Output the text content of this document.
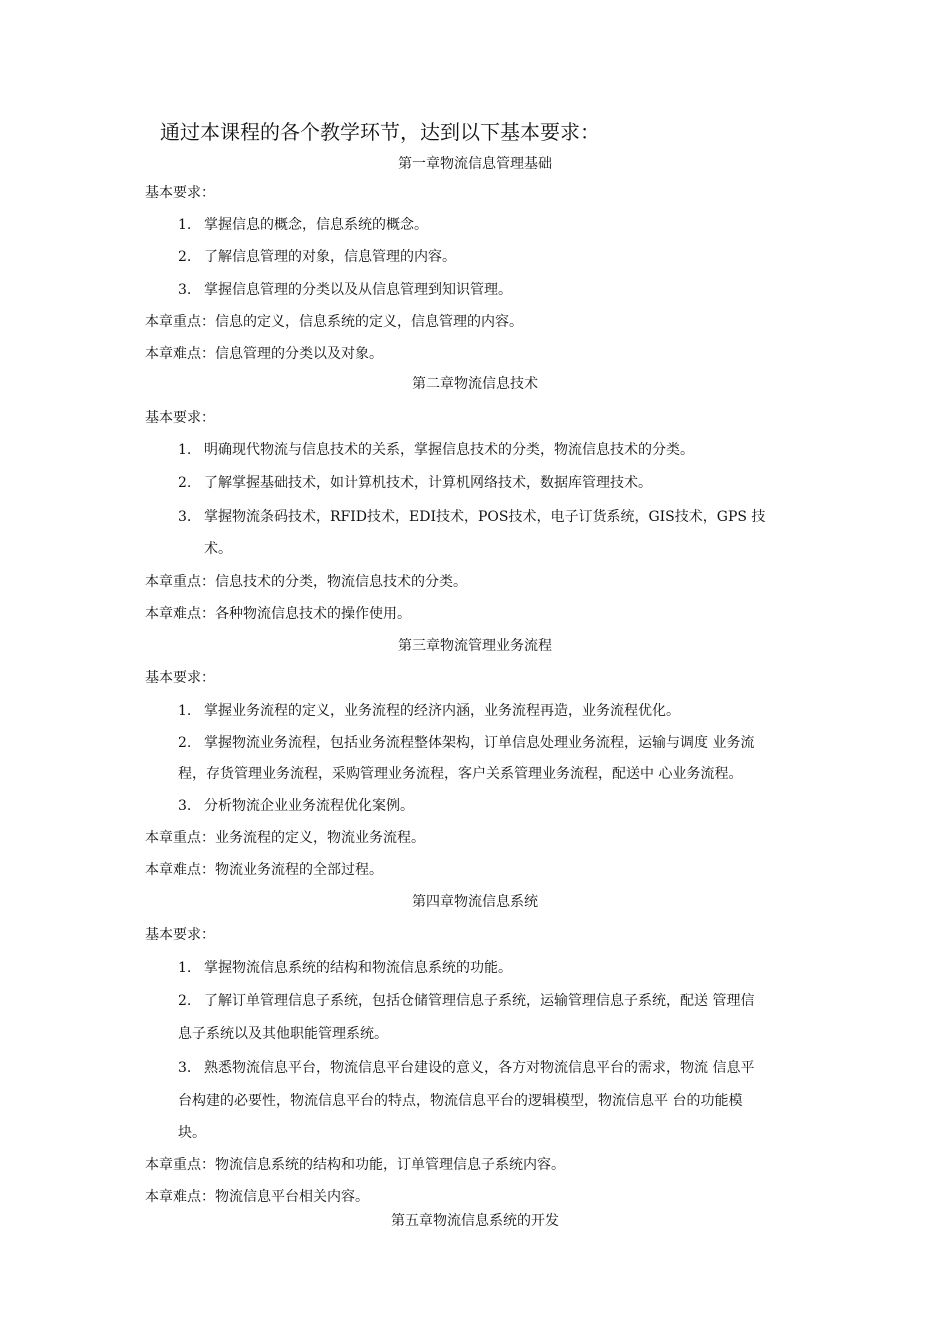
通过本课程的各个教学环节，达到以下基本要求：
第一章物流信息管理基础
基本要求：
1. 掌握信息的概念，信息系统的概念。
2. 了解信息管理的对象，信息管理的内容。
3. 掌握信息管理的分类以及从信息管理到知识管理。
本章重点：信息的定义，信息系统的定义，信息管理的内容。
本章难点：信息管理的分类以及对象。
第二章物流信息技术
基本要求：
1. 明确现代物流与信息技术的关系，掌握信息技术的分类，物流信息技术的分类。
2. 了解掌握基础技术，如计算机技术，计算机网络技术，数据库管理技术。
3. 掌握物流条码技术，RFID技术，EDI技术，POS技术，电子订货系统，GIS技术，GPS 技
术。
本章重点：信息技术的分类，物流信息技术的分类。
本章难点：各种物流信息技术的操作使用。
第三章物流管理业务流程
基本要求：
1. 掌握业务流程的定义，业务流程的经济内涵，业务流程再造，业务流程优化。
2. 掌握物流业务流程，包括业务流程整体架构，订单信息处理业务流程，运输与调度 业务流
程，存货管理业务流程，采购管理业务流程，客户关系管理业务流程，配送中 心业务流程。
3. 分析物流企业业务流程优化案例。
本章重点：业务流程的定义，物流业务流程。
本章难点：物流业务流程的全部过程。
第四章物流信息系统
基本要求：
1. 掌握物流信息系统的结构和物流信息系统的功能。
2. 了解订单管理信息子系统，包括仓储管理信息子系统，运输管理信息子系统，配送 管理信
息子系统以及其他职能管理系统。
3. 熟悉物流信息平台，物流信息平台建设的意义，各方对物流信息平台的需求，物流 信息平
台构建的必要性，物流信息平台的特点，物流信息平台的逻辑模型，物流信息平 台的功能模
块。
本章重点：物流信息系统的结构和功能，订单管理信息子系统内容。
本章难点：物流信息平台相关内容。
第五章物流信息系统的开发
